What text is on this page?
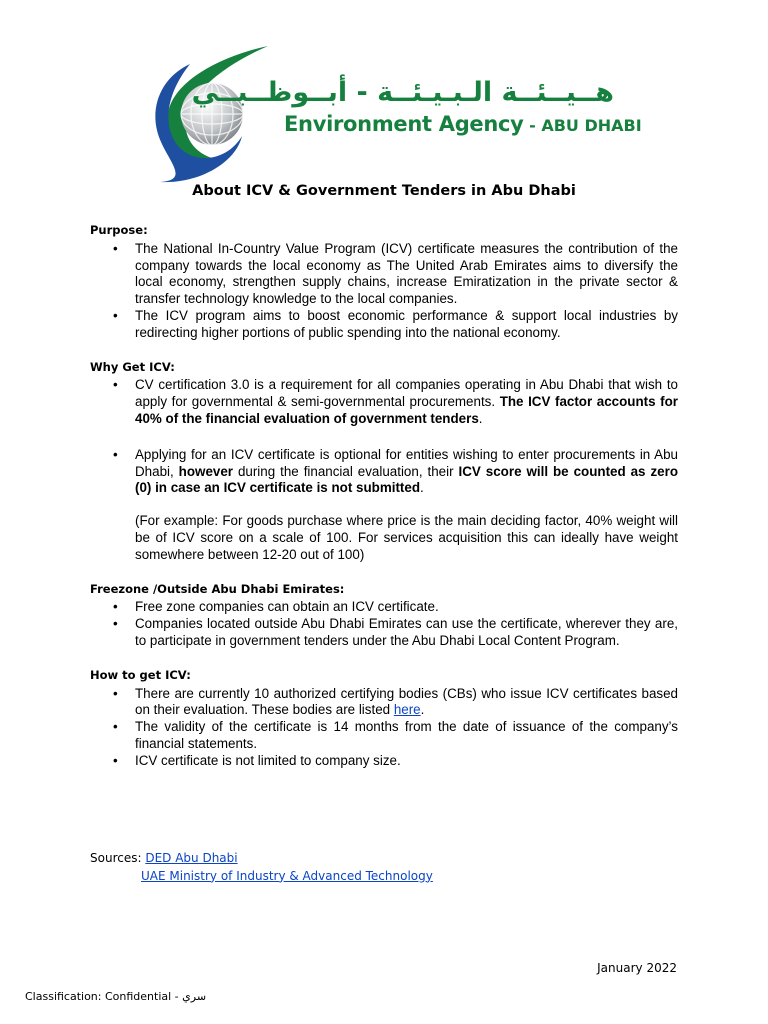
هــيــئــة الـبـيـئــة - أبــوظــبــي
Environment Agency - ABU DHABI
About ICV & Government Tenders in Abu Dhabi

Purpose:

• The National In-Country Value Program (ICV) certificate measures the contribution of the company towards the local economy as The United Arab Emirates aims to diversify the local economy, strengthen supply chains, increase Emiratization in the private sector & transfer technology knowledge to the local companies.
• The ICV program aims to boost economic performance & support local industries by redirecting higher portions of public spending into the national economy.

Why Get ICV:

• CV certification 3.0 is a requirement for all companies operating in Abu Dhabi that wish to apply for governmental & semi-governmental procurements. The ICV factor accounts for 40% of the financial evaluation of government tenders.
• Applying for an ICV certificate is optional for entities wishing to enter procurements in Abu Dhabi, however during the financial evaluation, their ICV score will be counted as zero (0) in case an ICV certificate is not submitted.
(For example: For goods purchase where price is the main deciding factor, 40% weight will be of ICV score on a scale of 100. For services acquisition this can ideally have weight somewhere between 12-20 out of 100)

Freezone /Outside Abu Dhabi Emirates:

• Free zone companies can obtain an ICV certificate.
• Companies located outside Abu Dhabi Emirates can use the certificate, wherever they are, to participate in government tenders under the Abu Dhabi Local Content Program.

How to get ICV:

• There are currently 10 authorized certifying bodies (CBs) who issue ICV certificates based on their evaluation. These bodies are listed here.
• The validity of the certificate is 14 months from the date of issuance of the company’s financial statements.
• ICV certificate is not limited to company size.
Sources: DED Abu Dhabi
UAE Ministry of Industry & Advanced Technology
January 2022
Classification: Confidential - سري
